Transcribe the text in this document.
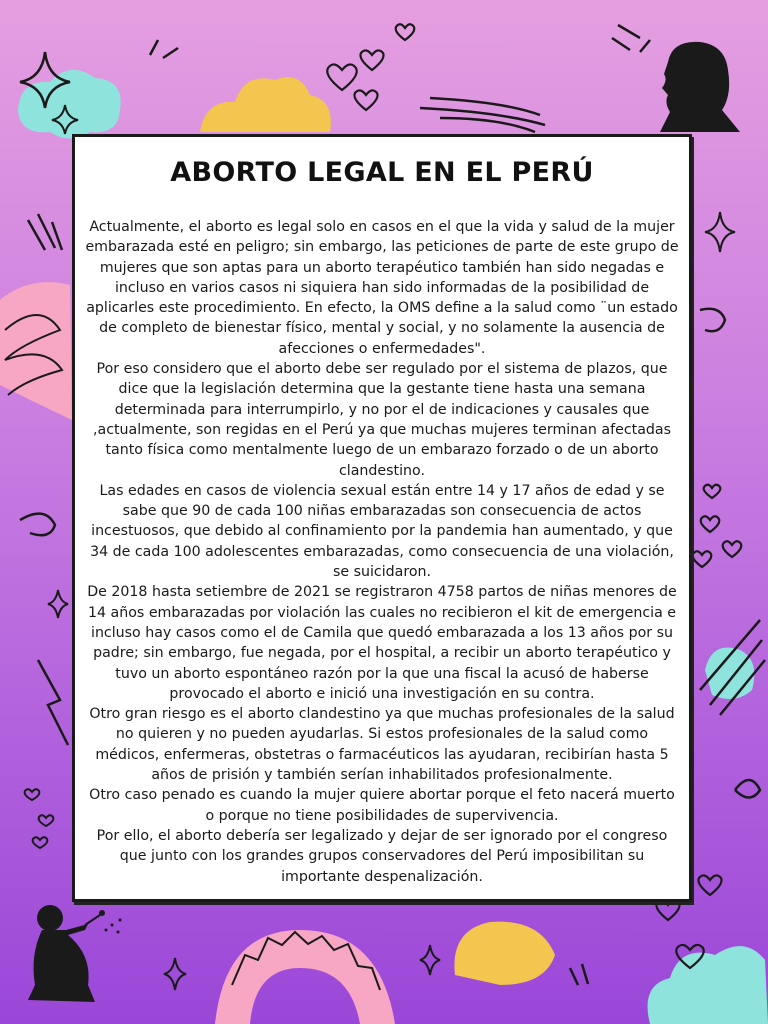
ABORTO LEGAL EN EL PERÚ

Actualmente, el aborto es legal solo en casos en el que la vida y salud de la mujer embarazada esté en peligro; sin embargo, las peticiones de parte de este grupo de mujeres que son aptas para un aborto terapéutico también han sido negadas e incluso en varios casos ni siquiera han sido informadas de la posibilidad de aplicarles este procedimiento. En efecto, la OMS define a la salud como ¨un estado de completo de bienestar físico, mental y social, y no solamente la ausencia de afecciones o enfermedades".

Por eso considero que el aborto debe ser regulado por el sistema de plazos, que dice que la legislación determina que la gestante tiene hasta una semana determinada para interrumpirlo, y no por el de indicaciones y causales que ,actualmente, son regidas en el Perú ya que muchas mujeres terminan afectadas tanto física como mentalmente luego de un embarazo forzado o de un aborto clandestino.

Las edades en casos de violencia sexual están entre 14 y 17 años de edad y se sabe que 90 de cada 100 niñas embarazadas son consecuencia de actos incestuosos, que debido al confinamiento por la pandemia han aumentado, y que 34 de cada 100 adolescentes embarazadas, como consecuencia de una violación, se suicidaron.

De 2018 hasta setiembre de 2021 se registraron 4758 partos de niñas menores de 14 años embarazadas por violación las cuales no recibieron el kit de emergencia e incluso hay casos como el de Camila que quedó embarazada a los 13 años por su padre; sin embargo, fue negada, por el hospital, a recibir un aborto terapéutico y tuvo un aborto espontáneo razón por la que una fiscal la acusó de haberse provocado el aborto e inició una investigación en su contra.

Otro gran riesgo es el aborto clandestino ya que muchas profesionales de la salud no quieren y no pueden ayudarlas. Si estos profesionales de la salud como médicos, enfermeras, obstetras o farmacéuticos las ayudaran, recibirían hasta 5 años de prisión y también serían inhabilitados profesionalmente.

Otro caso penado es cuando la mujer quiere abortar porque el feto nacerá muerto o porque no tiene posibilidades de supervivencia.

Por ello, el aborto debería ser legalizado y dejar de ser ignorado por el congreso que junto con los grandes grupos conservadores del Perú imposibilitan su importante despenalización.
